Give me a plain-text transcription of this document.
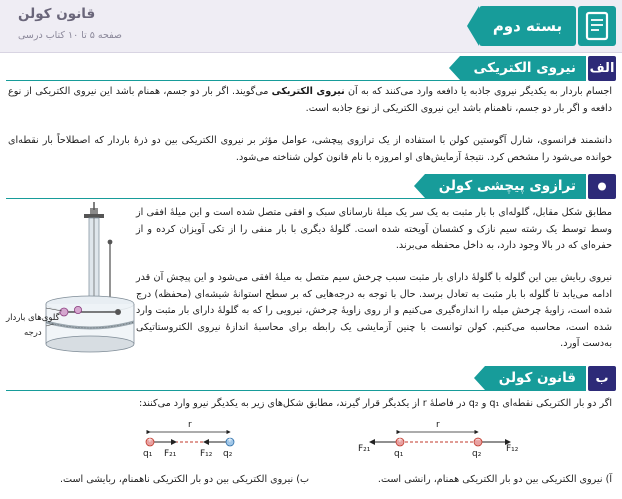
بسته دوم
قانون کولن
صفحه ۵ تا ۱۰ کتاب درسی
الف
نیروی الکتریکی

اجسام باردار به یکدیگر نیروی جاذبه یا دافعه وارد می‌کنند که به آن نیروی الکتریکی می‌گویند. اگر بار دو جسم، همنام باشد این نیروی الکتریکی از نوع دافعه و اگر بار دو جسم، ناهمنام باشد این نیروی الکتریکی از نوع جاذبه است.

دانشمند فرانسوی، شارل آگوستین کولن با استفاده از یک ترازوی پیچشی، عوامل مؤثر بر نیروی الکتریکی بین دو ذرهٔ باردار که اصطلاحاً بار نقطه‌ای خوانده می‌شود را مشخص کرد. نتیجهٔ آزمایش‌های او امروزه با نام قانون کولن شناخته می‌شود.

ترازوی پیچشی کولن

مطابق شکل مقابل، گلوله‌ای با بار مثبت به یک سر یک میلهٔ نارسانای سبک و افقی متصل شده است و این میلهٔ افقی از وسط توسط یک رشته سیم نازک و کشسان آویخته شده است. گلولهٔ دیگری با بار منفی را از تکی آویزان کرده و از حفره‌ای که در بالا وجود دارد، به داخل محفظه می‌برند.

نیروی ربایش بین این گلوله با گلولهٔ دارای بار مثبت سبب چرخش سیم متصل به میلهٔ افقی می‌شود و این پیچش آن قدر ادامه می‌یابد تا گلوله با بار مثبت به تعادل برسد. حال با توجه به درجه‌هایی که بر سطح استوانهٔ شیشه‌ای (محفظه) درج شده است، زاویهٔ چرخش میله را اندازه‌گیری می‌کنیم و از روی زاویهٔ چرخش، نیرویی را که به گلولهٔ دارای بار مثبت وارد شده است، محاسبه می‌کنیم. کولن توانست با چنین آزمایشی یک رابطه برای محاسبهٔ اندازهٔ نیروی الکتروستاتیکی به‌دست آورد.

گلوی‌های باردار
درجه
ب
قانون کولن

اگر دو بار الکتریکی نقطه‌ای q₁ و q₂ در فاصلهٔ r از یکدیگر قرار گیرند، مطابق شکل‌های زیر به یکدیگر نیرو وارد می‌کنند:

r
+	−
q₁	q₂
F₂₁	F₁₂
r
+	+
q₁	q₂
F₂₁	F₁₂
آ) نیروی الکتریکی بین دو بار الکتریکی همنام، رانشی است.
ب) نیروی الکتریکی بین دو بار الکتریکی ناهمنام، ربایشی است.
